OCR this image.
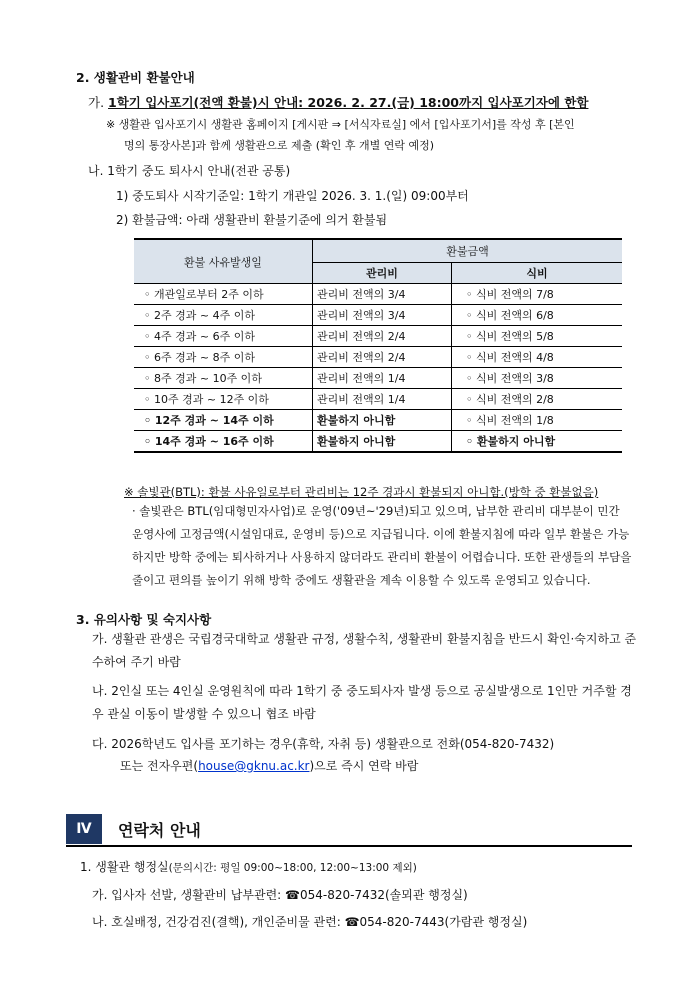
2. 생활관비 환불안내
가. 1학기 입사포기(전액 환불)시 안내: 2026. 2. 27.(금) 18:00까지 입사포기자에 한함
※ 생활관 입사포기시 생활관 홈페이지 [게시판 ⇒ [서식자료실] 에서 [입사포기서]를 작성 후 [본인
명의 통장사본]과 함께 생활관으로 제출 (확인 후 개별 연락 예정)
나. 1학기 중도 퇴사시 안내(전관 공통)
1) 중도퇴사 시작기준일: 1학기 개관일 2026. 3. 1.(일) 09:00부터
2) 환불금액: 아래 생활관비 환불기준에 의거 환불됨
환불 사유발생일	환불금액	
	관리비	식비
◦ 개관일로부터 2주 이하	관리비 전액의 3/4	◦ 식비 전액의 7/8
◦ 2주 경과 ~ 4주 이하	관리비 전액의 3/4	◦ 식비 전액의 6/8
◦ 4주 경과 ~ 6주 이하	관리비 전액의 2/4	◦ 식비 전액의 5/8
◦ 6주 경과 ~ 8주 이하	관리비 전액의 2/4	◦ 식비 전액의 4/8
◦ 8주 경과 ~ 10주 이하	관리비 전액의 1/4	◦ 식비 전액의 3/8
◦ 10주 경과 ~ 12주 이하	관리비 전액의 1/4	◦ 식비 전액의 2/8
◦ 12주 경과 ~ 14주 이하	환불하지 아니함	◦ 식비 전액의 1/8
◦ 14주 경과 ~ 16주 이하	환불하지 아니함	◦ 환불하지 아니함
※ 솔빛관(BTL): 환불 사유일로부터 관리비는 12주 경과시 환불되지 아니함.(방학 중 환불없음)
· 솔빛관은 BTL(임대형민자사업)로 운영('09년~'29년)되고 있으며, 납부한 관리비 대부분이 민간 운영사에 고정금액(시설임대료, 운영비 등)으로 지급됩니다. 이에 환불지침에 따라 일부 환불은 가능하지만 방학 중에는 퇴사하거나 사용하지 않더라도 관리비 환불이 어렵습니다. 또한 관생들의 부담을 줄이고 편의를 높이기 위해 방학 중에도 생활관을 계속 이용할 수 있도록 운영되고 있습니다.
3. 유의사항 및 숙지사항
가. 생활관 관생은 국립경국대학교 생활관 규정, 생활수칙, 생활관비 환불지침을 반드시 확인·숙지하고 준수하여 주기 바람
나. 2인실 또는 4인실 운영원칙에 따라 1학기 중 중도퇴사자 발생 등으로 공실발생으로 1인만 거주할 경우 관실 이동이 발생할 수 있으니 협조 바람
다. 2026학년도 입사를 포기하는 경우(휴학, 자취 등) 생활관으로 전화(054-820-7432)
또는 전자우편(house@gknu.ac.kr)으로 즉시 연락 바람
Ⅳ	연락처 안내
1. 생활관 행정실(문의시간: 평일 09:00~18:00, 12:00~13:00 제외)
가. 입사자 선발, 생활관비 납부관련: ☎054-820-7432(솔뫼관 행정실)
나. 호실배정, 건강검진(결핵), 개인준비물 관련: ☎054-820-7443(가람관 행정실)
